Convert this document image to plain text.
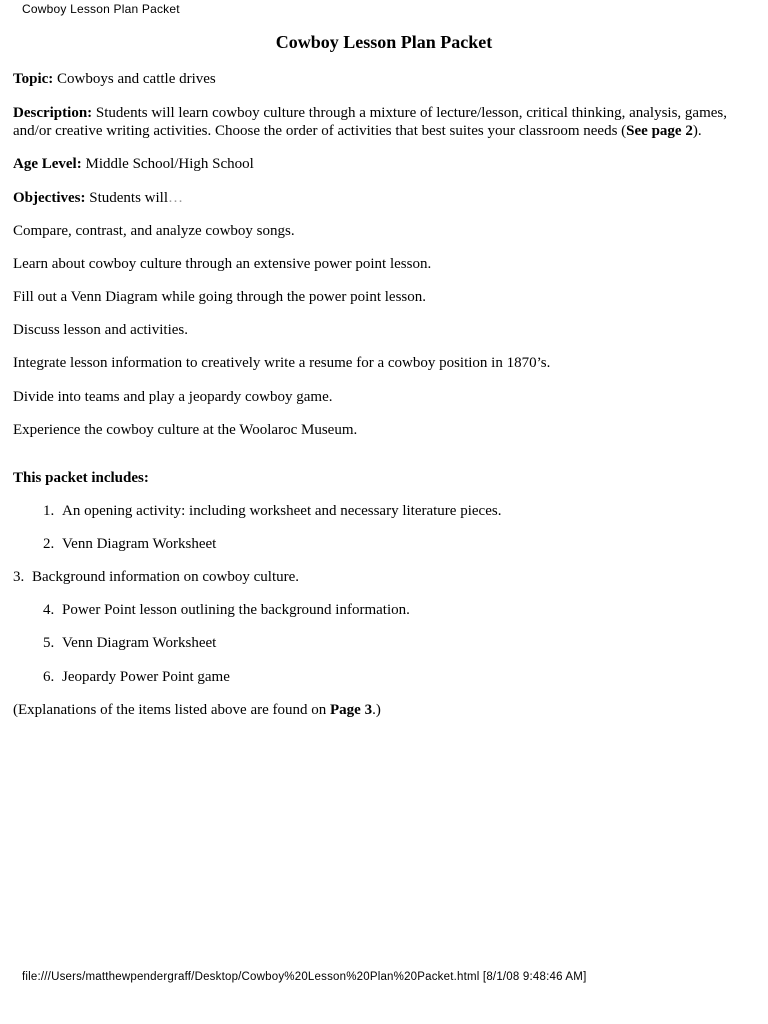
Cowboy Lesson Plan Packet
Cowboy Lesson Plan Packet

Topic: Cowboys and cattle drives

Description: Students will learn cowboy culture through a mixture of lecture/lesson, critical thinking, analysis, games, and/or creative writing activities. Choose the order of activities that best suites your classroom needs (See page 2).

Age Level: Middle School/High School

Objectives: Students will…

Compare, contrast, and analyze cowboy songs.

Learn about cowboy culture through an extensive power point lesson.

Fill out a Venn Diagram while going through the power point lesson.

Discuss lesson and activities.

Integrate lesson information to creatively write a resume for a cowboy position in 1870’s.

Divide into teams and play a jeopardy cowboy game.

Experience the cowboy culture at the Woolaroc Museum.

This packet includes:

1. An opening activity: including worksheet and necessary literature pieces.
2. Venn Diagram Worksheet
3. Background information on cowboy culture.
4. Power Point lesson outlining the background information.
5. Venn Diagram Worksheet
6. Jeopardy Power Point game

(Explanations of the items listed above are found on Page 3.)

file:///Users/matthewpendergraff/Desktop/Cowboy%20Lesson%20Plan%20Packet.html [8/1/08 9:48:46 AM]
